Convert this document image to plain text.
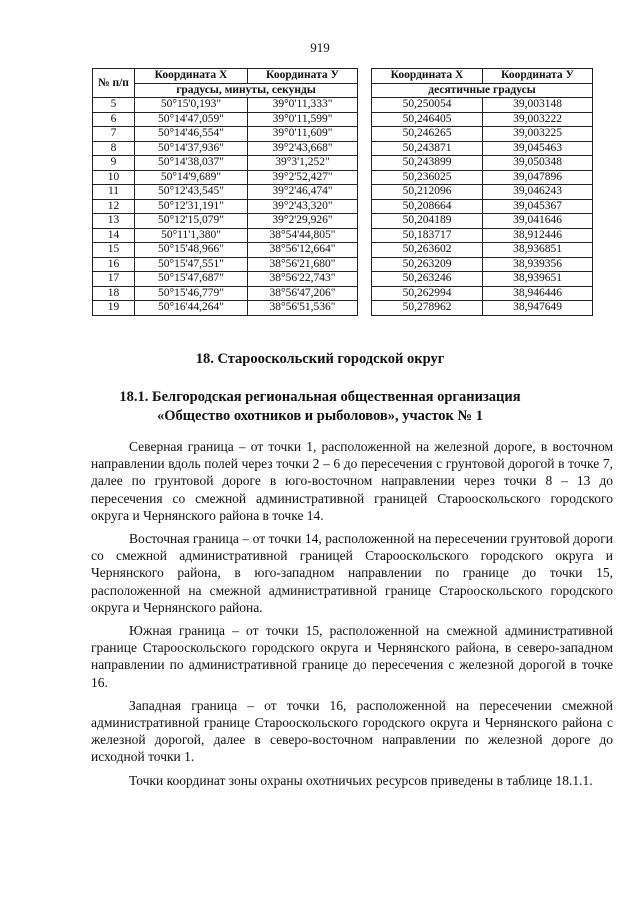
919
№ п/п	Координата X	Координата У		Координата X	Координата У
	градусы, минуты, секунды			десятичные градусы	
5	50°15'0,193"	39°0'11,333"		50,250054	39,003148
6	50°14'47,059"	39°0'11,599"		50,246405	39,003222
7	50°14'46,554"	39°0'11,609"		50,246265	39,003225
8	50°14'37,936"	39°2'43,668"		50,243871	39,045463
9	50°14'38,037"	39°3'1,252"		50,243899	39,050348
10	50°14'9,689"	39°2'52,427"		50,236025	39,047896
11	50°12'43,545"	39°2'46,474"		50,212096	39,046243
12	50°12'31,191"	39°2'43,320"		50,208664	39,045367
13	50°12'15,079"	39°2'29,926"		50,204189	39,041646
14	50°11'1,380"	38°54'44,805"		50,183717	38,912446
15	50°15'48,966"	38°56'12,664"		50,263602	38,936851
16	50°15'47,551"	38°56'21,680"		50,263209	38,939356
17	50°15'47,687"	38°56'22,743"		50,263246	38,939651
18	50°15'46,779"	38°56'47,206"		50,262994	38,946446
19	50°16'44,264"	38°56'51,536"		50,278962	38,947649
18. Старооскольский городской округ
18.1. Белгородская региональная общественная организация
«Общество охотников и рыболовов», участок № 1

Северная граница – от точки 1, расположенной на железной дороге, в восточном направлении вдоль полей через точки 2 – 6 до пересечения с грунтовой дорогой в точке 7, далее по грунтовой дороге в юго-восточном направлении через точки 8 – 13 до пересечения со смежной административной границей Старооскольского городского округа и Чернянского района в точке 14.

Восточная граница – от точки 14, расположенной на пересечении грунтовой дороги со смежной административной границей Старооскольского городского округа и Чернянского района, в юго-западном направлении по границе до точки 15, расположенной на смежной административной границе Старооскольского городского округа и Чернянского района.

Южная граница – от точки 15, расположенной на смежной административной границе Старооскольского городского округа и Чернянского района, в северо-западном направлении по административной границе до пересечения с железной дорогой в точке 16.

Западная граница – от точки 16, расположенной на пересечении смежной административной границе Старооскольского городского округа и Чернянского района с железной дорогой, далее в северо-восточном направлении по железной дороге до исходной точки 1.

Точки координат зоны охраны охотничьих ресурсов приведены в таблице 18.1.1.
